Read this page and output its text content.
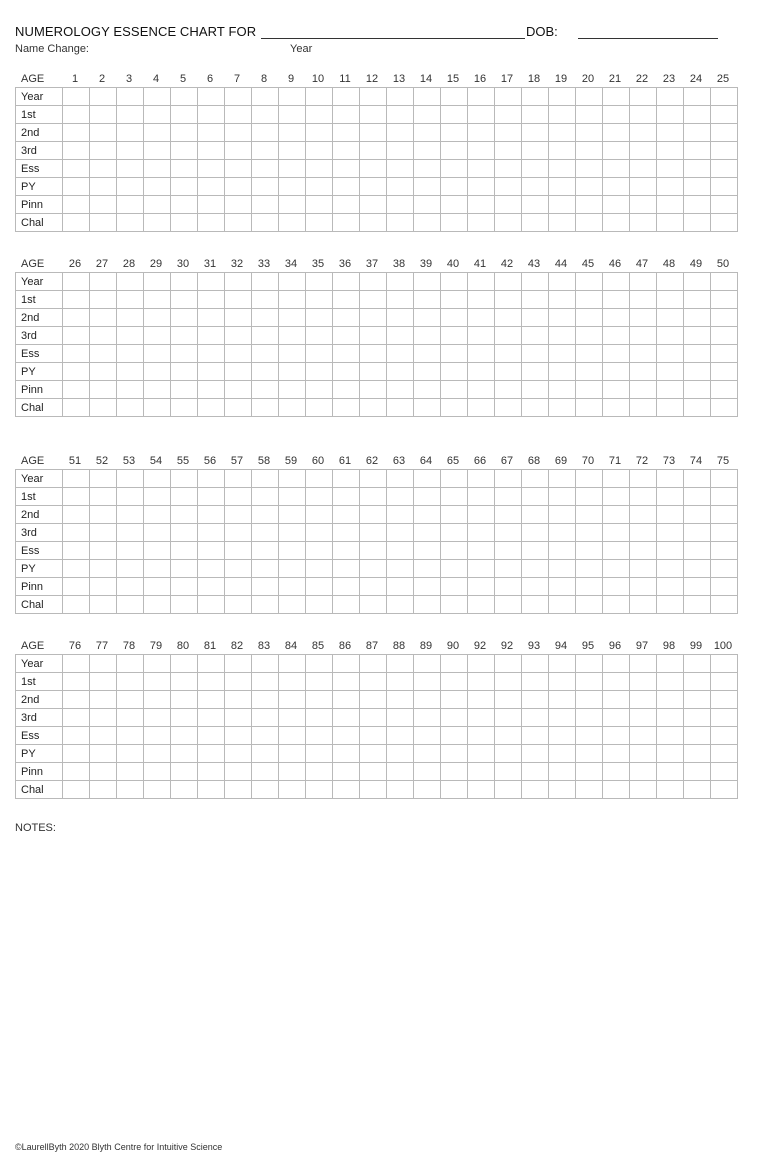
NUMEROLOGY ESSENCE CHART FOR	DOB:
Name Change:	Year
AGE	1	2	3	4	5	6	7	8	9	10	11	12	13	14	15	16	17	18	19	20	21	22	23	24	25
Year																									
1st																									
2nd																									
3rd																									
Ess																									
PY																									
Pinn																									
Chal																									
AGE	26	27	28	29	30	31	32	33	34	35	36	37	38	39	40	41	42	43	44	45	46	47	48	49	50
Year																									
1st																									
2nd																									
3rd																									
Ess																									
PY																									
Pinn																									
Chal																									
AGE	51	52	53	54	55	56	57	58	59	60	61	62	63	64	65	66	67	68	69	70	71	72	73	74	75
Year																									
1st																									
2nd																									
3rd																									
Ess																									
PY																									
Pinn																									
Chal																									
AGE	76	77	78	79	80	81	82	83	84	85	86	87	88	89	90	92	92	93	94	95	96	97	98	99	100
Year																									
1st																									
2nd																									
3rd																									
Ess																									
PY																									
Pinn																									
Chal																									
NOTES:
©LaurellByth 2020 Blyth Centre for Intuitive Science
